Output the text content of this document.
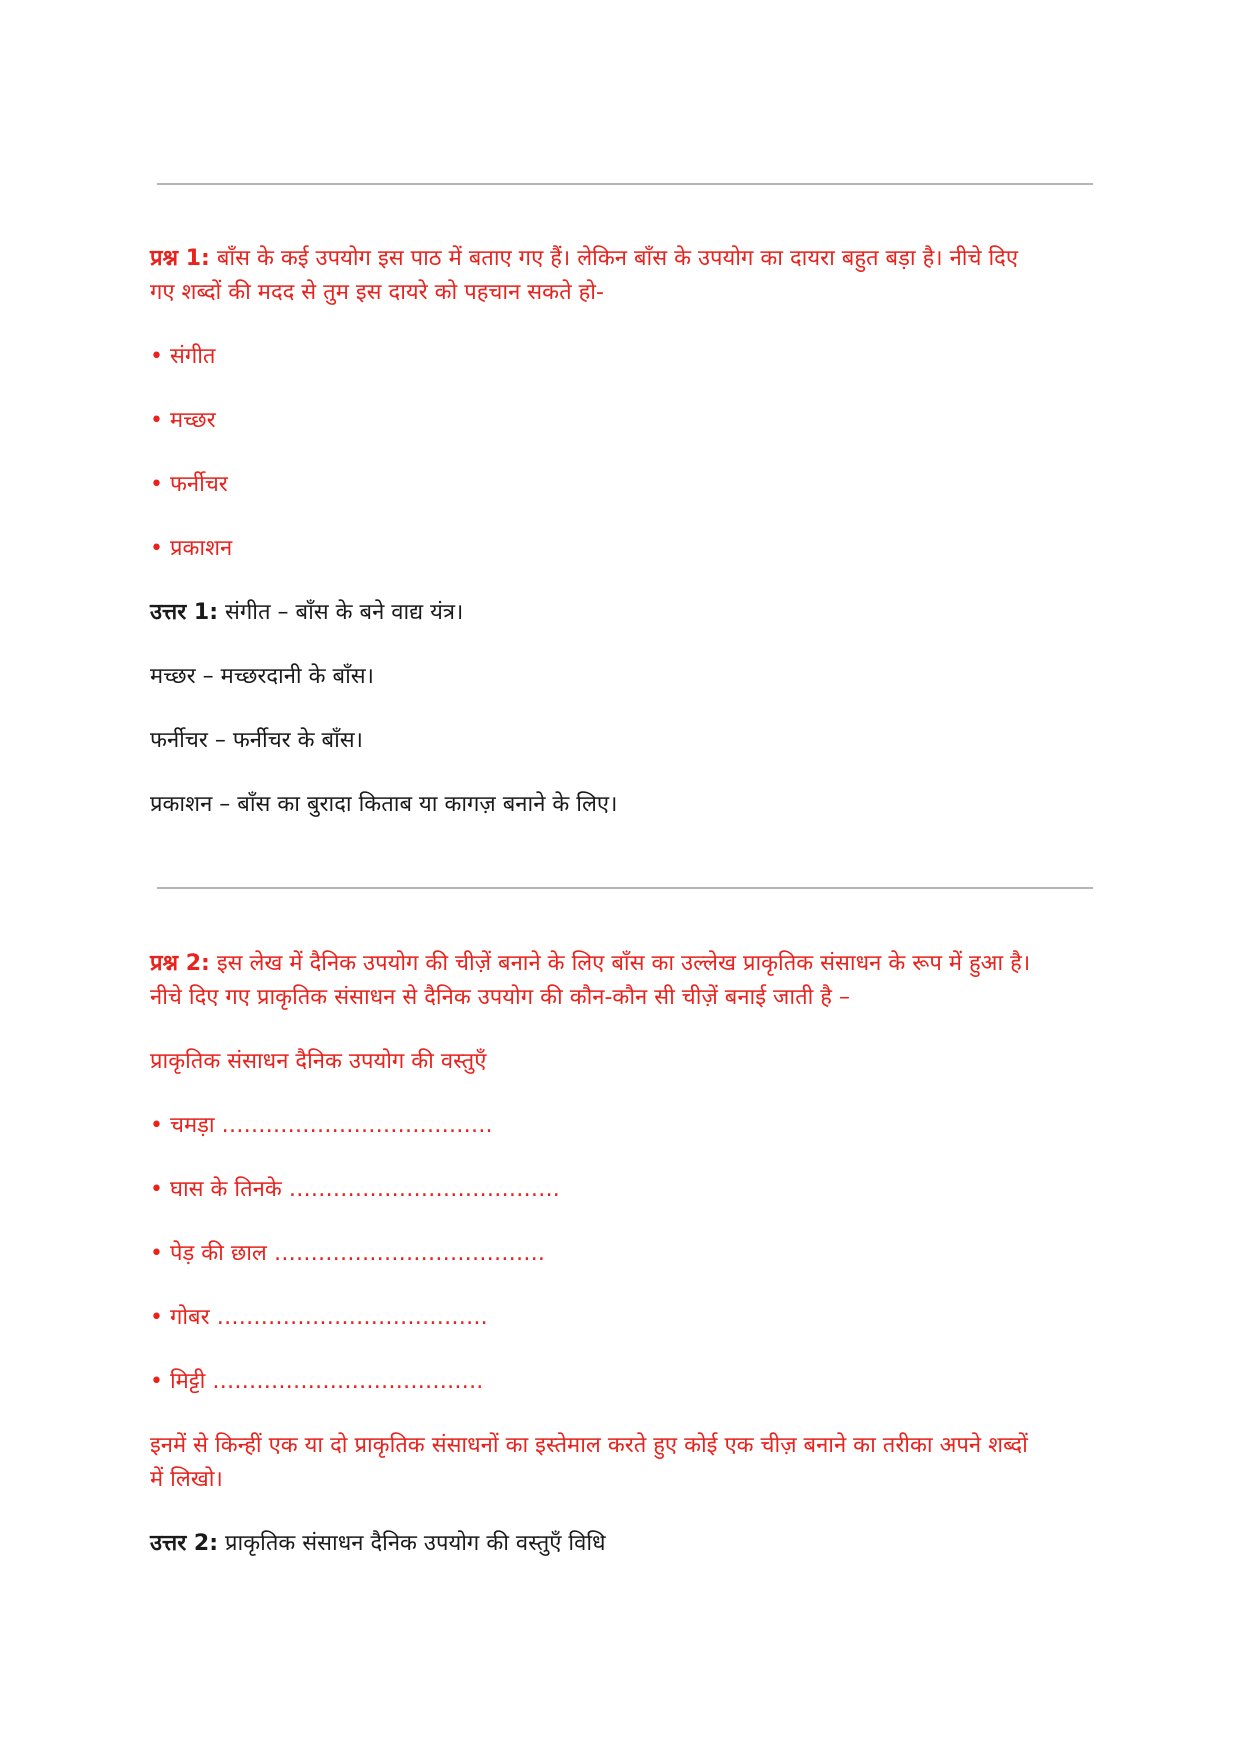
प्रश्न 1: बाँस के कई उपयोग इस पाठ में बताए गए हैं। लेकिन बाँस के उपयोग का दायरा बहुत बड़ा है। नीचे दिए
गए शब्दों की मदद से तुम इस दायरे को पहचान सकते हो-
• संगीत
• मच्छर
• फर्नीचर
• प्रकाशन
उत्तर 1: संगीत – बाँस के बने वाद्य यंत्र।
मच्छर – मच्छरदानी के बाँस।
फर्नीचर – फर्नीचर के बाँस।
प्रकाशन – बाँस का बुरादा किताब या कागज़ बनाने के लिए।
प्रश्न 2: इस लेख में दैनिक उपयोग की चीज़ें बनाने के लिए बाँस का उल्लेख प्राकृतिक संसाधन के रूप में हुआ है।
नीचे दिए गए प्राकृतिक संसाधन से दैनिक उपयोग की कौन-कौन सी चीज़ें बनाई जाती है –
प्राकृतिक संसाधन दैनिक उपयोग की वस्तुएँ
• चमड़ा ……………………………….
• घास के तिनके ……………………………….
• पेड़ की छाल ……………………………….
• गोबर ……………………………….
• मिट्टी ……………………………….
इनमें से किन्हीं एक या दो प्राकृतिक संसाधनों का इस्तेमाल करते हुए कोई एक चीज़ बनाने का तरीका अपने शब्दों
में लिखो।
उत्तर 2: प्राकृतिक संसाधन दैनिक उपयोग की वस्तुएँ विधि
